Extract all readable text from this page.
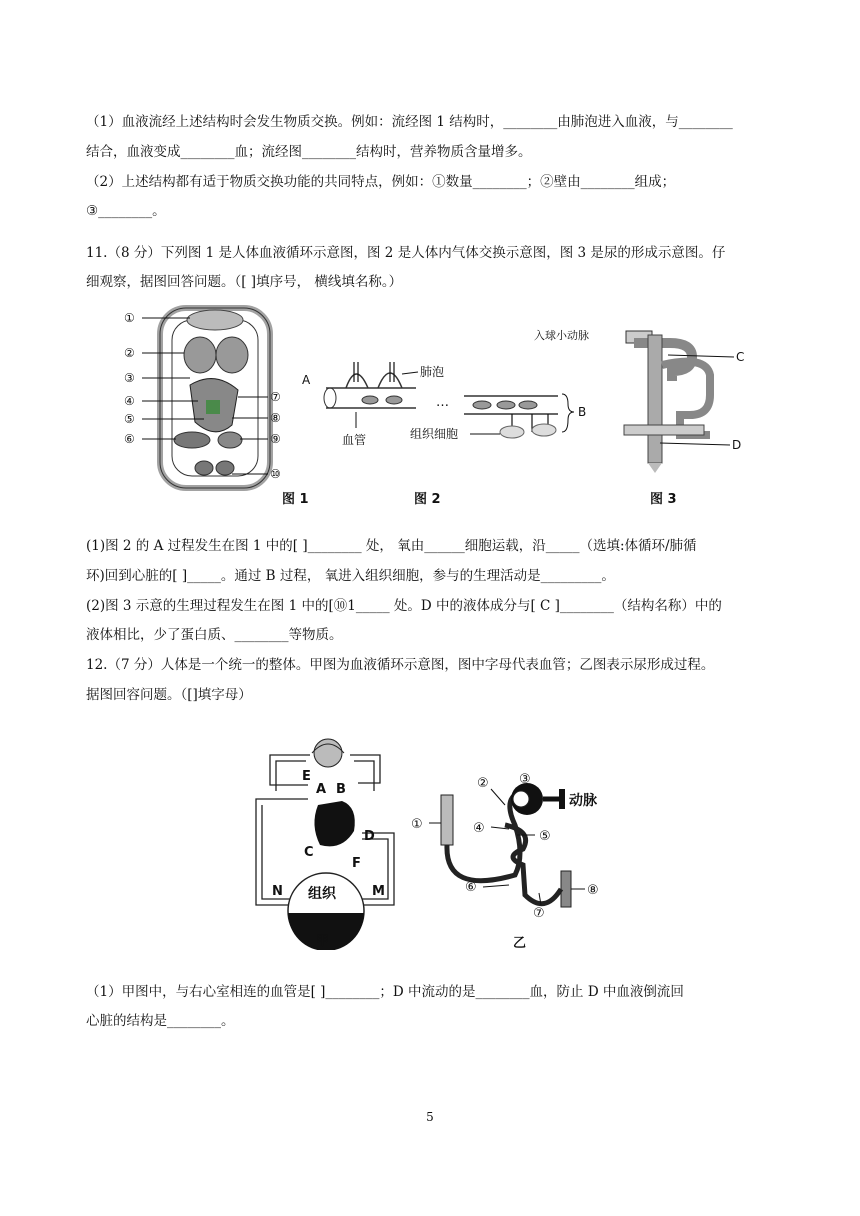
（1）血液流经上述结构时会发生物质交换。例如：流经图 1 结构时，________由肺泡进入血液，与________
结合，血液变成________血；流经图________结构时，营养物质含量增多。
（2）上述结构都有适于物质交换功能的共同特点，例如：①数量________；②壁由________组成；
③________。
11.（8 分）下列图 1 是人体血液循环示意图，图 2 是人体内气体交换示意图，图 3 是尿的形成示意图。仔
细观察，据图回答问题。（[ ]填序号， 横线填名称。）
①
②
③
④
⑤
⑥
⑦
⑧
⑨
⑩
图 1
肺泡
A
血管
…
B
组织细胞
图 2
入球小动脉
C
D
图 3
(1)图 2 的 A 过程发生在图 1 中的[ ]________ 处， 氧由______细胞运载，沿_____（选填:体循环/肺循
环)回到心脏的[ ]_____。通过 B 过程， 氧进入组织细胞，参与的生理活动是_________。
(2)图 3 示意的生理过程发生在图 1 中的[⑩1_____ 处。D 中的液体成分与[ C ]________（结构名称）中的
液体相比，少了蛋白质、________等物质。
12.（7 分）人体是一个统一的整体。甲图为血液循环示意图，图中字母代表血管；乙图表示尿形成过程。
据图回容问题。（[]填字母）
组织
E
A B
C
D
F
N	M
甲
①
② ③
④
⑤
⑥
⑦
⑧
动脉
乙
（1）甲图中，与右心室相连的血管是[ ]________；D 中流动的是________血，防止 D 中血液倒流回
心脏的结构是________。
5
